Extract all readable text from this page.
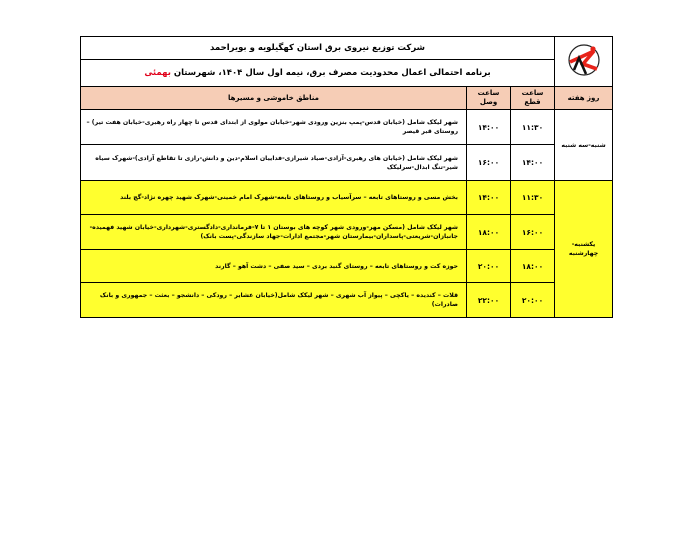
	شرکت توزیع نیروی برق استان کهگیلویه و بویراحمد		
	برنامه احتمالی اعمال محدودیت مصرف برق، نیمه اول سال ۱۴۰۴، شهرستان بهمئی		
روز هفته	ساعت قطع	ساعت وصل	مناطق خاموشی و مسیرها
شنبه-سه شنبه	۱۱:۳۰	۱۴:۰۰	شهر لیکک شامل (خیابان قدس-پمپ بنزین ورودی شهر-خیابان مولوی از ابتدای قدس تا چهار راه رهبری-خیابان هفت تیر) – روستای قبر قیصر
	۱۴:۰۰	۱۶:۰۰	شهر لیکک شامل (خیابان های رهبری-آزادی-صیاد شیرازی-فداییان اسلام-دین و دانش-رازی تا تقاطع آزادی)-شهرک سیاه شیر-تنگ ابدال-سرلیکک
یکشنبه-چهارشنبه	۱۱:۳۰	۱۴:۰۰	بخش مسی و روستاهای تابعه – سرآسیاب و روستاهای تابعه-شهرک امام خمینی-شهرک شهید چهره نژاد-گچ بلند
	۱۶:۰۰	۱۸:۰۰	شهر لیکک شامل (مسکن مهر-ورودی شهر کوچه های بوستان ۱ تا ۷-فرمانداری-دادگستری-شهرداری-خیابان شهید فهمیده-جانبازان-شریعتی-پاسداران-بیمارستان شهر-مجتمع ادارات-جهاد سازندگی-پست بانک)
	۱۸:۰۰	۲۰:۰۰	حوزه کت و روستاهای تابعه – روستای گنبد بردی – سید صفی – دشت آهو – گارند
	۲۰:۰۰	۲۲:۰۰	قلات – کندیده – یاکچی – پیواز آب شهری – شهر لیکک شامل(خیابان عشایر – رودکی – دانشجو – بعثت – جمهوری و بانک صادرات)
